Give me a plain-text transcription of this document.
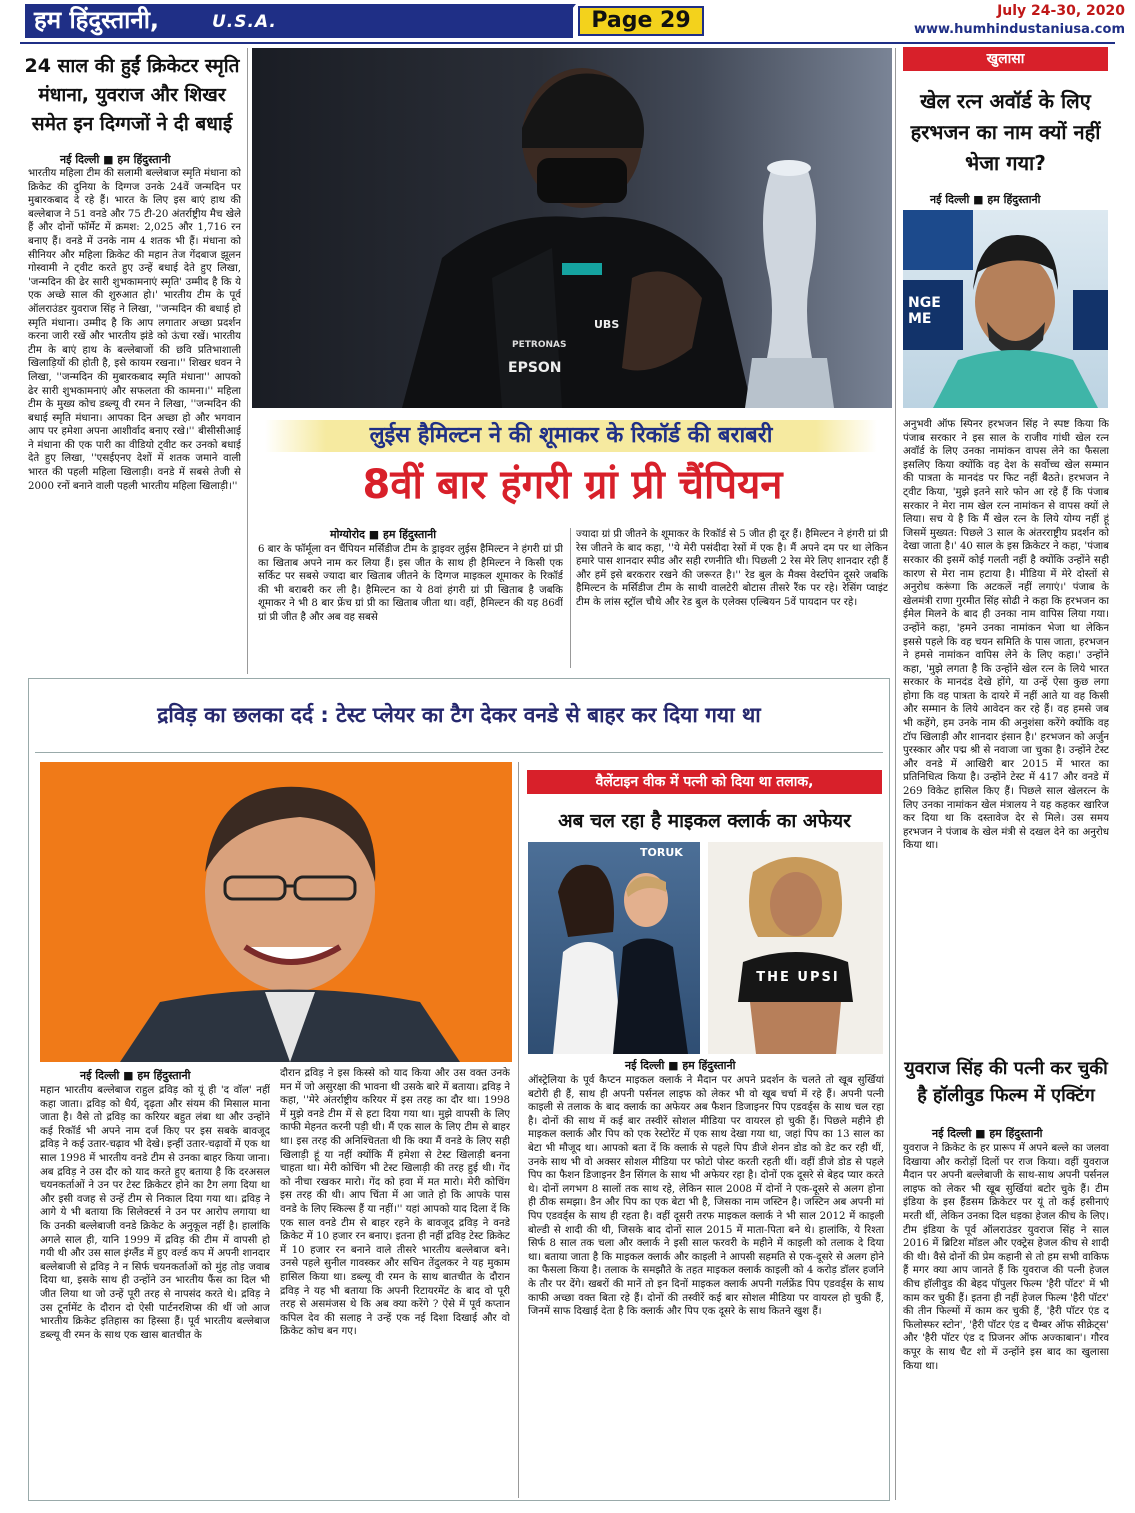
हम हिंदुस्तानी,	U.S.A.	Page 29	July 24-30, 2020
www.humhindustaniusa.com
24 साल की हुईं क्रिकेटर स्मृति मंधाना, युवराज और शिखर समेत इन दिग्गजों ने दी बधाई
नई दिल्ली ■ हम हिंदुस्तानी
भारतीय महिला टीम की सलामी बल्लेबाज स्मृति मंधाना को क्रिकेट की दुनिया के दिग्गज उनके 24वें जन्मदिन पर मुबारकबाद दे रहे हैं। भारत के लिए इस बाएं हाथ की बल्लेबाज ने 51 वनडे और 75 टी-20 अंतर्राष्ट्रीय मैच खेले हैं और दोनों फॉर्मेट में क्रमश: 2,025 और 1,716 रन बनाए हैं। वनडे में उनके नाम 4 शतक भी हैं। मंधाना को सीनियर और महिला क्रिकेट की महान तेज गेंदबाज झूलन गोस्वामी ने ट्वीट करते हुए उन्हें बधाई देते हुए लिखा, 'जन्मदिन की ढेर सारी शुभकामनाएं स्मृति' उम्मीद है कि ये एक अच्छे साल की शुरुआत हो।' भारतीय टीम के पूर्व ऑलराउंडर युवराज सिंह ने लिखा, ''जन्मदिन की बधाई हो स्मृति मंधाना। उम्मीद है कि आप लगातार अच्छा प्रदर्शन करना जारी रखें और भारतीय झंडे को ऊंचा रखें। भारतीय टीम के बाएं हाथ के बल्लेबाजों की छवि प्रतिभाशाली खिलाड़ियों की होती है, इसे कायम रखना।'' शिखर धवन ने लिखा, ''जन्मदिन की मुबारकबाद स्मृति मंधाना'' आपको ढेर सारी शुभकामनाएं और सफलता की कामना।'' महिला टीम के मुख्य कोच डब्ल्यू वी रमन ने लिखा, ''जन्मदिन की बधाई स्मृति मंधाना। आपका दिन अच्छा हो और भगवान आप पर हमेशा अपना आशीर्वाद बनाए रखे।'' बीसीसीआई ने मंधाना की एक पारी का वीडियो ट्वीट कर उनको बधाई देते हुए लिखा, ''एसईएनए देशों में शतक जमाने वाली भारत की पहली महिला खिलाड़ी। वनडे में सबसे तेजी से 2000 रनों बनाने वाली पहली भारतीय महिला खिलाड़ी।''
PETRONAS
EPSON
UBS
लुईस हैमिल्टन ने की शूमाकर के रिकॉर्ड की बराबरी
8वीं बार हंगरी ग्रां प्री चैंपियन
मोग्योरोद ■ हम हिंदुस्तानी
6 बार के फॉर्मूला वन चैंपियन मर्सिडीज टीम के ड्राइवर लुईस हैमिल्टन ने हंगरी ग्रां प्री का खिताब अपने नाम कर लिया हैं। इस जीत के साथ ही हैमिल्टन ने किसी एक सर्किट पर सबसे ज्यादा बार खिताब जीतने के दिग्गज माइकल शूमाकर के रिकॉर्ड की भी बराबरी कर ली है। हैमिल्टन का ये 8वां हंगरी ग्रां प्री खिताब है जबकि शूमाकर ने भी 8 बार फ्रेंच ग्रां प्री का खिताब जीता था। वहीं, हैमिल्टन की यह 86वीं ग्रां प्री जीत है और अब वह सबसे
ज्यादा ग्रां प्री जीतने के शूमाकर के रिकॉर्ड से 5 जीत ही दूर हैं। हैमिल्टन ने हंगरी ग्रां प्री रेस जीतने के बाद कहा, ''ये मेरी पसंदीदा रेसों में एक है। मैं अपने दम पर था लेकिन हमारे पास शानदार स्पीड और सही रणनीति थी। पिछली 2 रेस मेरे लिए शानदार रही हैं और हमें इसे बरकरार रखने की जरूरत है।'' रेड बुल के मैक्स वेर्स्टापेन दूसरे जबकि हैमिल्टन के मर्सिडीज टीम के साथी वालटेरी बोटास तीसरे रैंक पर रहे। रेसिंग प्वाइंट टीम के लांस स्ट्रॉल चौथे और रेड बुल के एलेक्स एल्बियन 5वें पायदान पर रहे।
खुलासा
खेल रत्न अवॉर्ड के लिए हरभजन का नाम क्यों नहीं भेजा गया?
नई दिल्ली ■ हम हिंदुस्तानी
NGE ME
अनुभवी ऑफ स्पिनर हरभजन सिंह ने स्पष्ट किया कि पंजाब सरकार ने इस साल के राजीव गांधी खेल रत्न अवॉर्ड के लिए उनका नामांकन वापस लेने का फैसला इसलिए किया क्योंकि वह देश के सर्वोच्च खेल सम्मान की पात्रता के मानदंड पर फिट नहीं बैठते। हरभजन ने ट्वीट किया, 'मुझे इतने सारे फोन आ रहे हैं कि पंजाब सरकार ने मेरा नाम खेल रत्न नामांकन से वापस क्यों ले लिया। सच ये है कि मैं खेल रत्न के लिये योग्य नहीं हूं जिसमें मुख्यत: पिछले 3 साल के अंतरराष्ट्रीय प्रदर्शन को देखा जाता है।' 40 साल के इस क्रिकेटर ने कहा, 'पंजाब सरकार की इसमें कोई गलती नहीं है क्योंकि उन्होंने सही कारण से मेरा नाम हटाया है। मीडिया में मेरे दोस्तों से अनुरोध करूंगा कि अटकलें नहीं लगाएं।' पंजाब के खेलमंत्री राणा गुरमीत सिंह सोढी ने कहा कि हरभजन का ईमेल मिलने के बाद ही उनका नाम वापिस लिया गया। उन्होंने कहा, 'हमने उनका नामांकन भेजा था लेकिन इससे पहले कि वह चयन समिति के पास जाता, हरभजन ने हमसे नामांकन वापिस लेने के लिए कहा।' उन्होंने कहा, 'मुझे लगता है कि उन्होंने खेल रत्न के लिये भारत सरकार के मानदंड देखे होंगे, या उन्हें ऐसा कुछ लगा होगा कि वह पात्रता के दायरे में नहीं आते या वह किसी और सम्मान के लिये आवेदन कर रहे हैं। वह हमसे जब भी कहेंगे, हम उनके नाम की अनुशंसा करेंगे क्योंकि वह टॉप खिलाड़ी और शानदार इंसान है।' हरभजन को अर्जुन पुरस्कार और पद्म श्री से नवाजा जा चुका है। उन्होंने टेस्ट और वनडे में आखिरी बार 2015 में भारत का प्रतिनिधित्व किया है। उन्होंने टेस्ट में 417 और वनडे में 269 विकेट हासिल किए हैं। पिछले साल खेलरत्न के लिए उनका नामांकन खेल मंत्रालय ने यह कहकर खारिज कर दिया था कि दस्तावेज देर से मिले। उस समय हरभजन ने पंजाब के खेल मंत्री से दखल देने का अनुरोध किया था।
युवराज सिंह की पत्नी कर चुकी है हॉलीवुड फिल्म में एक्टिंग
नई दिल्ली ■ हम हिंदुस्तानी
युवराज ने क्रिकेट के हर प्रारूप में अपने बल्ले का जलवा दिखाया और करोड़ों दिलों पर राज किया। वहीं युवराज मैदान पर अपनी बल्लेबाजी के साथ-साथ अपनी पर्सनल लाइफ को लेकर भी खूब सुर्खियां बटोर चुके हैं। टीम इंडिया के इस हैंडसम क्रिकेटर पर यूं तो कई हसीनाएं मरती थीं, लेकिन उनका दिल धड़का हेजल कीच के लिए। टीम इंडिया के पूर्व ऑलराउंडर युवराज सिंह ने साल 2016 में ब्रिटिश मॉडल और एक्ट्रेस हेजल कीच से शादी की थी। वैसे दोनों की प्रेम कहानी से तो हम सभी वाकिफ हैं मगर क्या आप जानते हैं कि युवराज की पत्नी हेजल कीच हॉलीवुड की बेहद पॉपुलर फिल्म 'हैरी पॉटर' में भी काम कर चुकी हैं। इतना ही नहीं हेजल फिल्म 'हैरी पॉटर' की तीन फिल्मों में काम कर चुकी हैं, 'हैरी पॉटर एंड द फिलोस्फर स्टोन', 'हैरी पॉटर एंड द चैम्बर ऑफ सीक्रेट्स' और 'हैरी पॉटर एंड द प्रिजनर ऑफ अज्काबान'। गौरव कपूर के साथ चैट शो में उन्होंने इस बाद का खुलासा किया था।
द्रविड़ का छलका दर्द : टेस्ट प्लेयर का टैग देकर वनडे से बाहर कर दिया गया था
नई दिल्ली ■ हम हिंदुस्तानी
महान भारतीय बल्लेबाज राहुल द्रविड़ को यूं ही 'द वॉल' नहीं कहा जाता। द्रविड़ को धैर्य, दृढ़ता और संयम की मिसाल माना जाता है। वैसे तो द्रविड़ का करियर बहुत लंबा था और उन्होंने कई रिकॉर्ड भी अपने नाम दर्ज किए पर इस सबके बावजूद द्रविड़ ने कई उतार-चढ़ाव भी देखे। इन्हीं उतार-चढ़ावों में एक था साल 1998 में भारतीय वनडे टीम से उनका बाहर किया जाना। अब द्रविड़ ने उस दौर को याद करते हुए बताया है कि दरअसल चयनकर्ताओं ने उन पर टेस्ट क्रिकेटर होने का टैग लगा दिया था और इसी वजह से उन्हें टीम से निकाल दिया गया था। द्रविड़ ने आगे ये भी बताया कि सिलेक्टर्स ने उन पर आरोप लगाया था कि उनकी बल्लेबाजी वनडे क्रिकेट के अनुकूल नहीं है। हालांकि अगले साल ही, यानि 1999 में द्रविड़ की टीम में वापसी हो गयी थी और उस साल इंग्लैंड में हुए वर्ल्ड कप में अपनी शानदार बल्लेबाजी से द्रविड़ ने न सिर्फ चयनकर्ताओं को मुंह तोड़ जवाब दिया था, इसके साथ ही उन्होंने उन भारतीय फैंस का दिल भी जीत लिया था जो उन्हें पूरी तरह से नापसंद करते थे। द्रविड़ ने उस टूर्नामेंट के दौरान दो ऐसी पार्टनरशिप्स की थीं जो आज भारतीय क्रिकेट इतिहास का हिस्सा हैं। पूर्व भारतीय बल्लेबाज डब्ल्यू वी रमन के साथ एक खास बातचीत के
दौरान द्रविड़ ने इस किस्से को याद किया और उस वक्त उनके मन में जो असुरक्षा की भावना थी उसके बारे में बताया। द्रविड़ ने कहा, ''मेरे अंतर्राष्ट्रीय करियर में इस तरह का दौर था। 1998 में मुझे वनडे टीम में से हटा दिया गया था। मुझे वापसी के लिए काफी मेहनत करनी पड़ी थी। मैं एक साल के लिए टीम से बाहर था। इस तरह की अनिश्चितता थी कि क्या मैं वनडे के लिए सही खिलाड़ी हूं या नहीं क्योंकि मैं हमेशा से टेस्ट खिलाड़ी बनना चाहता था। मेरी कोचिंग भी टेस्ट खिलाड़ी की तरह हुई थी। गेंद को नीचा रखकर मारो। गेंद को हवा में मत मारो। मेरी कोचिंग इस तरह की थी। आप चिंता में आ जाते हो कि आपके पास वनडे के लिए स्किल्स हैं या नहीं।'' यहां आपको याद दिला दें कि एक साल वनडे टीम से बाहर रहने के बावजूद द्रविड़ ने वनडे क्रिकेट में 10 हजार रन बनाए। इतना ही नहीं द्रविड़ टेस्ट क्रिकेट में 10 हजार रन बनाने वाले तीसरे भारतीय बल्लेबाज बने। उनसे पहले सुनील गावस्कर और सचिन तेंदुलकर ने यह मुकाम हासिल किया था। डब्ल्यू वी रमन के साथ बातचीत के दौरान द्रविड़ ने यह भी बताया कि अपनी रिटायरमेंट के बाद वो पूरी तरह से असमंजस थे कि अब क्या करेंगे ? ऐसे में पूर्व कप्तान कपिल देव की सलाह ने उन्हें एक नई दिशा दिखाई और वो क्रिकेट कोच बन गए।
वैलेंटाइन वीक में पत्नी को दिया था तलाक,
अब चल रहा है माइकल क्लार्क का अफेयर
TORUK
THE UPSI
नई दिल्ली ■ हम हिंदुस्तानी
ऑस्ट्रेलिया के पूर्व कैप्टन माइकल क्लार्क ने मैदान पर अपने प्रदर्शन के चलते तो खूब सुर्खियां बटोरी ही हैं, साथ ही अपनी पर्सनल लाइफ को लेकर भी वो खूब चर्चा में रहे हैं। अपनी पत्नी काइली से तलाक के बाद क्लार्क का अफेयर अब फैशन डिजाइनर पिप एडवर्ड्स के साथ चल रहा है। दोनों की साथ में कई बार तस्वीरें सोशल मीडिया पर वायरल हो चुकी हैं। पिछले महीने ही माइकल क्लार्क और पिप को एक रेस्टोरेंट में एक साथ देखा गया था, जहां पिप का 13 साल का बेटा भी मौजूद था। आपको बता दें कि क्लार्क से पहले पिप डीजे शेनन डोड को डेट कर रही थीं, उनके साथ भी वो अक्सर सोशल मीडिया पर फोटो पोस्ट करती रहती थीं। वहीं डीजे डोड से पहले पिप का फैशन डिजाइनर डैन सिंगल के साथ भी अफेयर रहा है। दोनों एक दूसरे से बेहद प्यार करते थे। दोनों लगभग 8 सालों तक साथ रहे, लेकिन साल 2008 में दोनों ने एक-दूसरे से अलग होना ही ठीक समझा। डैन और पिप का एक बेटा भी है, जिसका नाम जस्टिन है। जस्टिन अब अपनी मां पिप एडवर्ड्स के साथ ही रहता है। वहीं दूसरी तरफ माइकल क्लार्क ने भी साल 2012 में काइली बोल्डी से शादी की थी, जिसके बाद दोनों साल 2015 में माता-पिता बने थे। हालांकि, ये रिश्ता सिर्फ 8 साल तक चला और क्लार्क ने इसी साल फरवरी के महीने में काइली को तलाक दे दिया था। बताया जाता है कि माइकल क्लार्क और काइली ने आपसी सहमति से एक-दूसरे से अलग होने का फैसला किया है। तलाक के समझौते के तहत माइकल क्लार्क काइली को 4 करोड़ डॉलर हर्जाने के तौर पर देंगे। खबरों की मानें तो इन दिनों माइकल क्लार्क अपनी गर्लफ्रेंड पिप एडवर्ड्स के साथ काफी अच्छा वक्त बिता रहे हैं। दोनों की तस्वीरें कई बार सोशल मीडिया पर वायरल हो चुकी हैं, जिनमें साफ दिखाई देता है कि क्लार्क और पिप एक दूसरे के साथ कितने खुश हैं।
